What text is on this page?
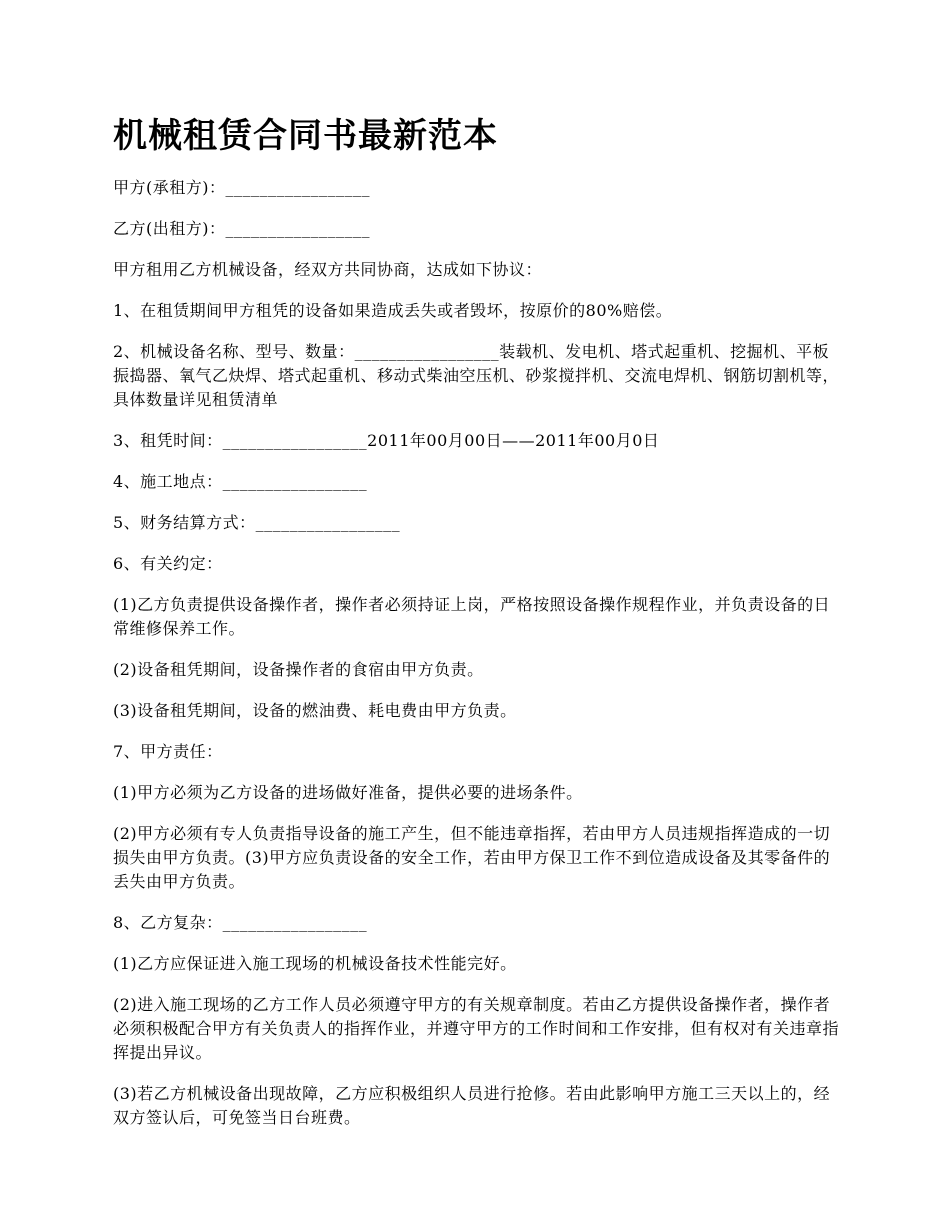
机械租赁合同书最新范本

甲方(承租方)：_________________

乙方(出租方)：_________________

甲方租用乙方机械设备，经双方共同协商，达成如下协议：

1、在租赁期间甲方租凭的设备如果造成丢失或者毁坏，按原价的80%赔偿。

2、机械设备名称、型号、数量：_________________装载机、发电机、塔式起重机、挖掘机、平板振捣器、氧气乙炔焊、塔式起重机、移动式柴油空压机、砂浆搅拌机、交流电焊机、钢筋切割机等，具体数量详见租赁清单

3、租凭时间：_________________2011年00月00日——2011年00月0日

4、施工地点：_________________

5、财务结算方式：_________________

6、有关约定：

(1)乙方负责提供设备操作者，操作者必须持证上岗，严格按照设备操作规程作业，并负责设备的日常维修保养工作。

(2)设备租凭期间，设备操作者的食宿由甲方负责。

(3)设备租凭期间，设备的燃油费、耗电费由甲方负责。

7、甲方责任：

(1)甲方必须为乙方设备的进场做好准备，提供必要的进场条件。

(2)甲方必须有专人负责指导设备的施工产生，但不能违章指挥，若由甲方人员违规指挥造成的一切损失由甲方负责。(3)甲方应负责设备的安全工作，若由甲方保卫工作不到位造成设备及其零备件的丢失由甲方负责。

8、乙方复杂：_________________

(1)乙方应保证进入施工现场的机械设备技术性能完好。

(2)进入施工现场的乙方工作人员必须遵守甲方的有关规章制度。若由乙方提供设备操作者，操作者必须积极配合甲方有关负责人的指挥作业，并遵守甲方的工作时间和工作安排，但有权对有关违章指挥提出异议。

(3)若乙方机械设备出现故障，乙方应积极组织人员进行抢修。若由此影响甲方施工三天以上的，经双方签认后，可免签当日台班费。
